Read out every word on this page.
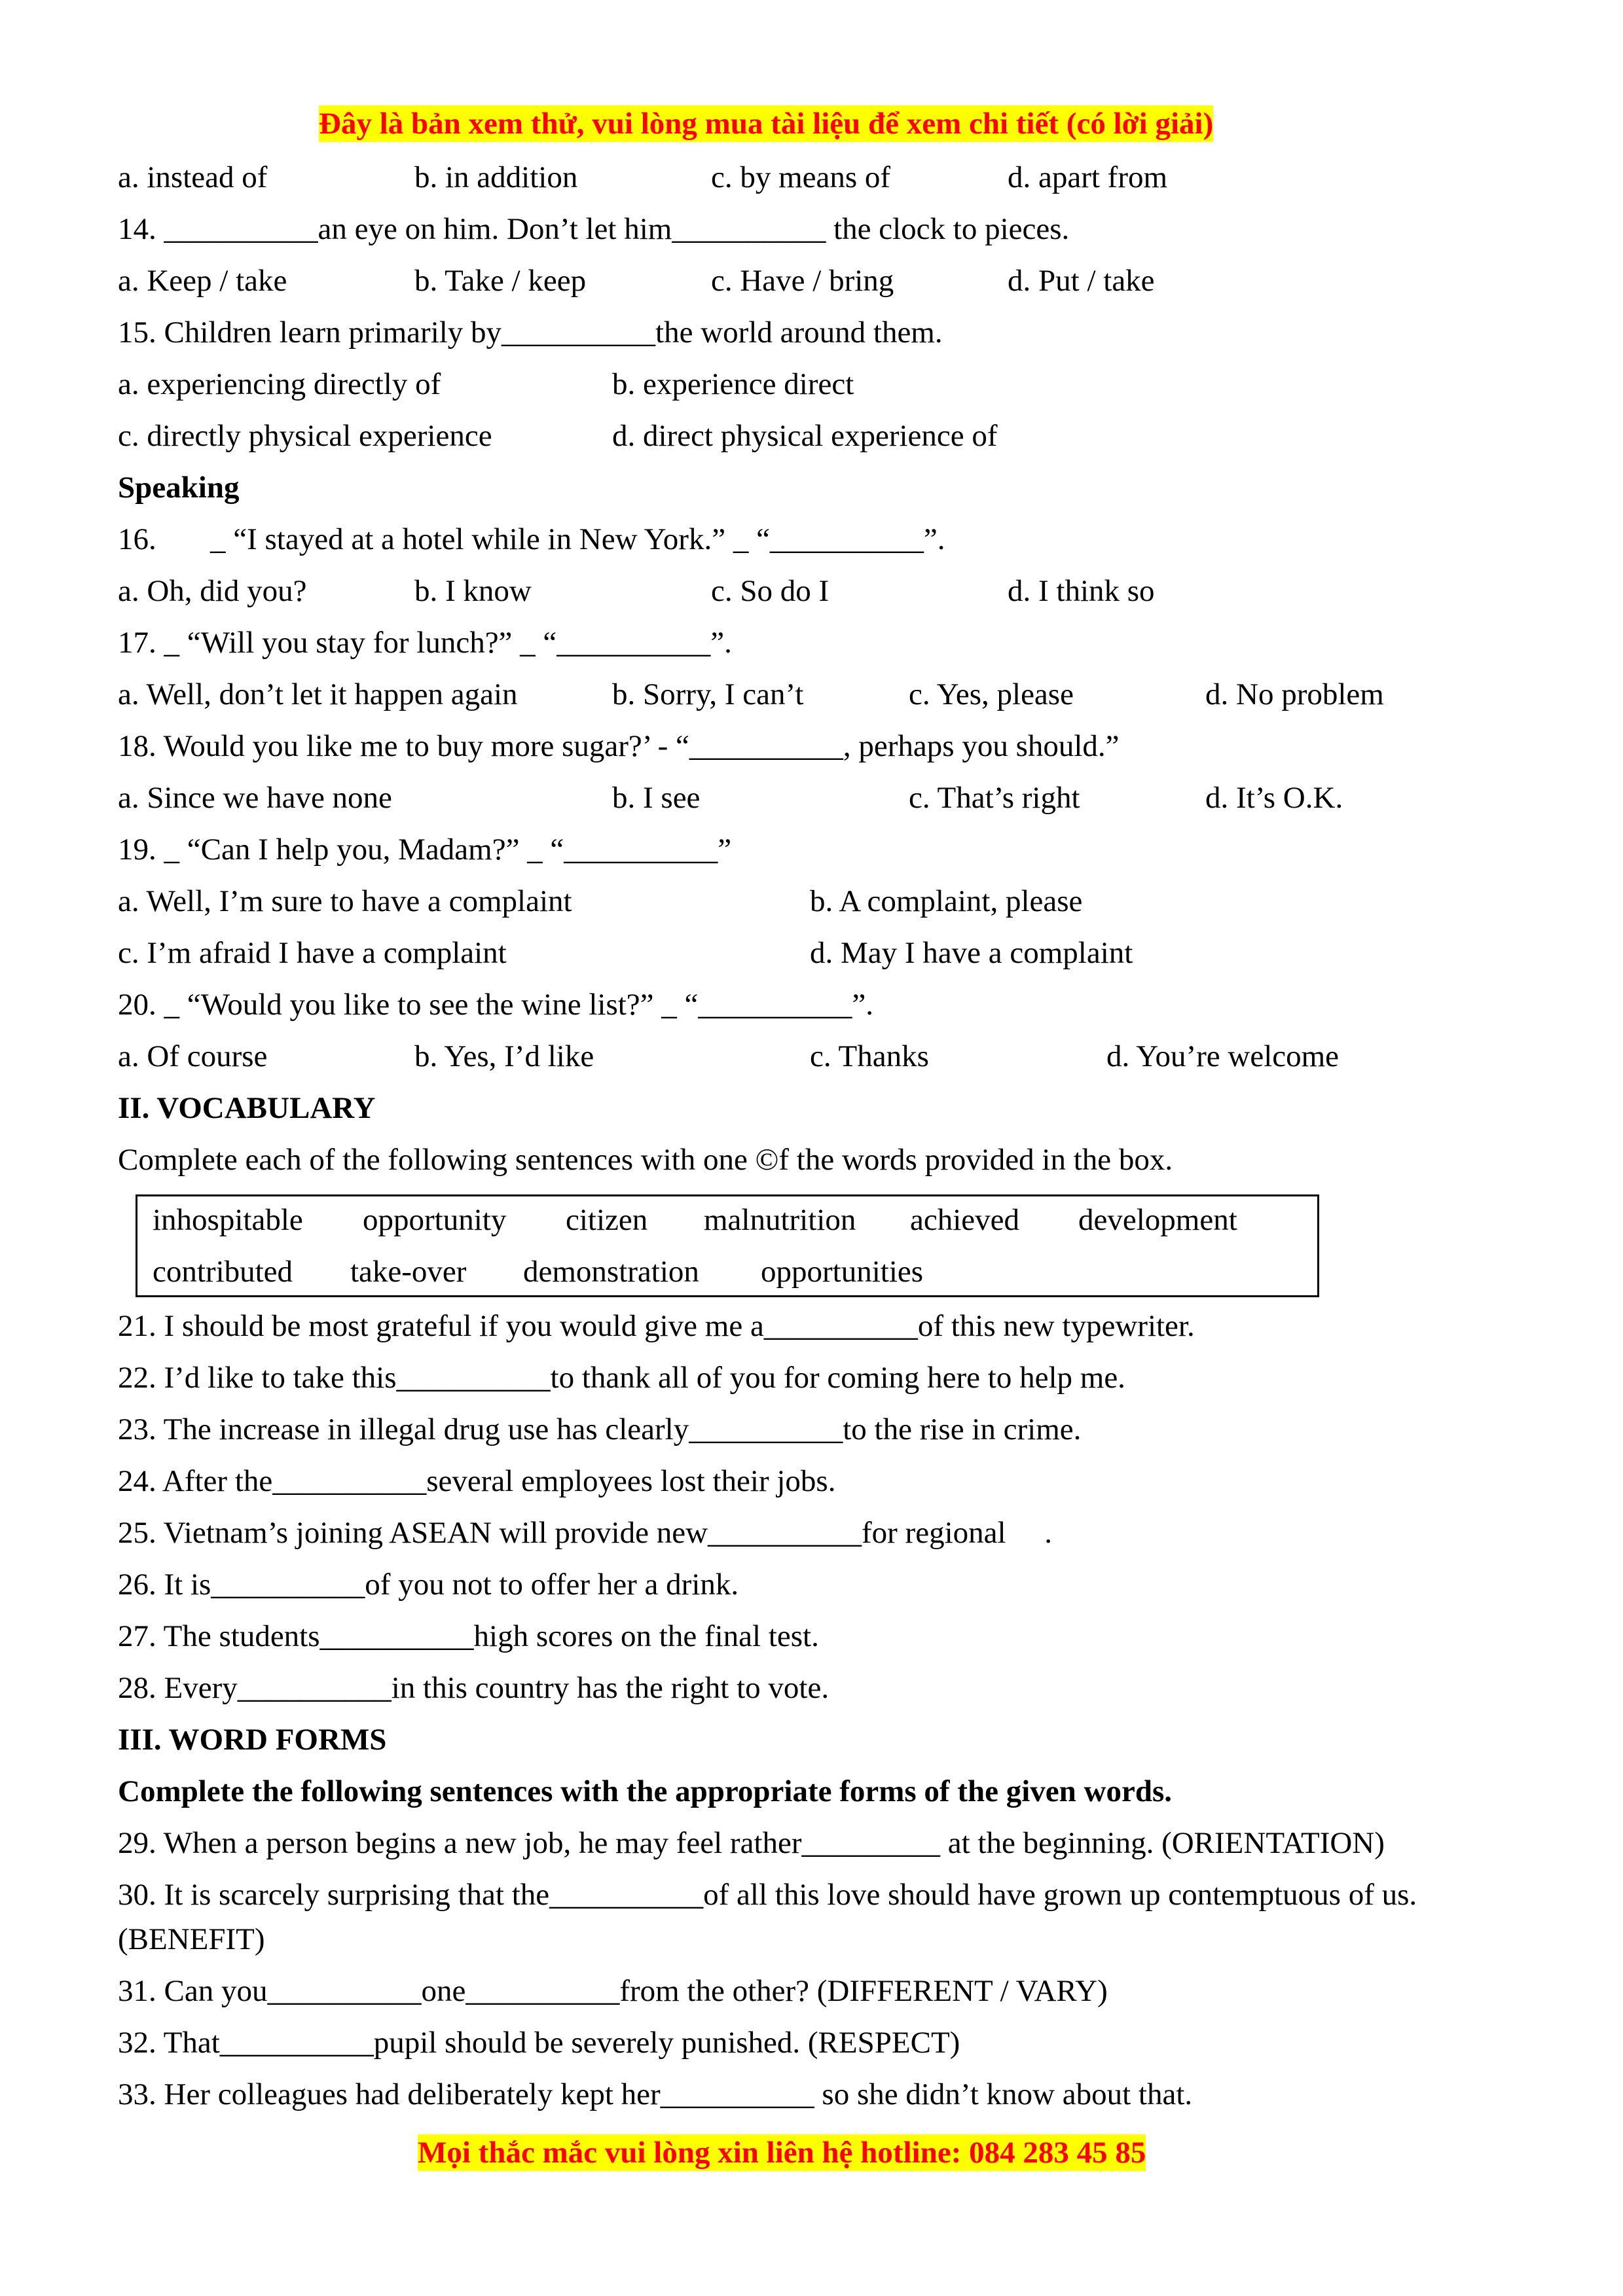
Đây là bản xem thử, vui lòng mua tài liệu để xem chi tiết (có lời giải)
a. instead of	b. in addition	c. by means of	d. apart from
14. __________an eye on him. Don’t let him__________ the clock to pieces.
a. Keep / take	b. Take / keep	c. Have / bring	d. Put / take
15. Children learn primarily by__________the world around them.
a. experiencing directly of	b. experience direct
c. directly physical experience	d. direct physical experience of
Speaking
16.       _ “I stayed at a hotel while in New York.” _ “__________”.
a. Oh, did you?	b. I know	c. So do I	d. I think so
17. _ “Will you stay for lunch?” _ “__________”.
a. Well, don’t let it happen again	b. Sorry, I can’t	c. Yes, please	d. No problem
18. Would you like me to buy more sugar?’ - “__________, perhaps you should.”
a. Since we have none	b. I see	c. That’s right	d. It’s O.K.
19. _ “Can I help you, Madam?” _ “__________”
a. Well, I’m sure to have a complaint	b. A complaint, please
c. I’m afraid I have a complaint	d. May I have a complaint
20. _ “Would you like to see the wine list?” _ “__________”.
a. Of course	b. Yes, I’d like	c. Thanks	d. You’re welcome
II. VOCABULARY
Complete each of the following sentences with one ©f the words provided in the box.
inhospitable opportunity citizen malnutrition achieved development
contributed take-over demonstration opportunities
21. I should be most grateful if you would give me a__________of this new typewriter.
22. I’d like to take this__________to thank all of you for coming here to help me.
23. The increase in illegal drug use has clearly__________to the rise in crime.
24. After the__________several employees lost their jobs.
25. Vietnam’s joining ASEAN will provide new__________for regional     .
26. It is__________of you not to offer her a drink.
27. The students__________high scores on the final test.
28. Every__________in this country has the right to vote.
III. WORD FORMS
Complete the following sentences with the appropriate forms of the given words.
29. When a person begins a new job, he may feel rather_________ at the beginning. (ORIENTATION)
30. It is scarcely surprising that the__________of all this love should have grown up contemptuous of us.
(BENEFIT)
31. Can you__________one__________from the other? (DIFFERENT / VARY)
32. That__________pupil should be severely punished. (RESPECT)
33. Her colleagues had deliberately kept her__________ so she didn’t know about that.
Mọi thắc mắc vui lòng xin liên hệ hotline: 084 283 45 85
